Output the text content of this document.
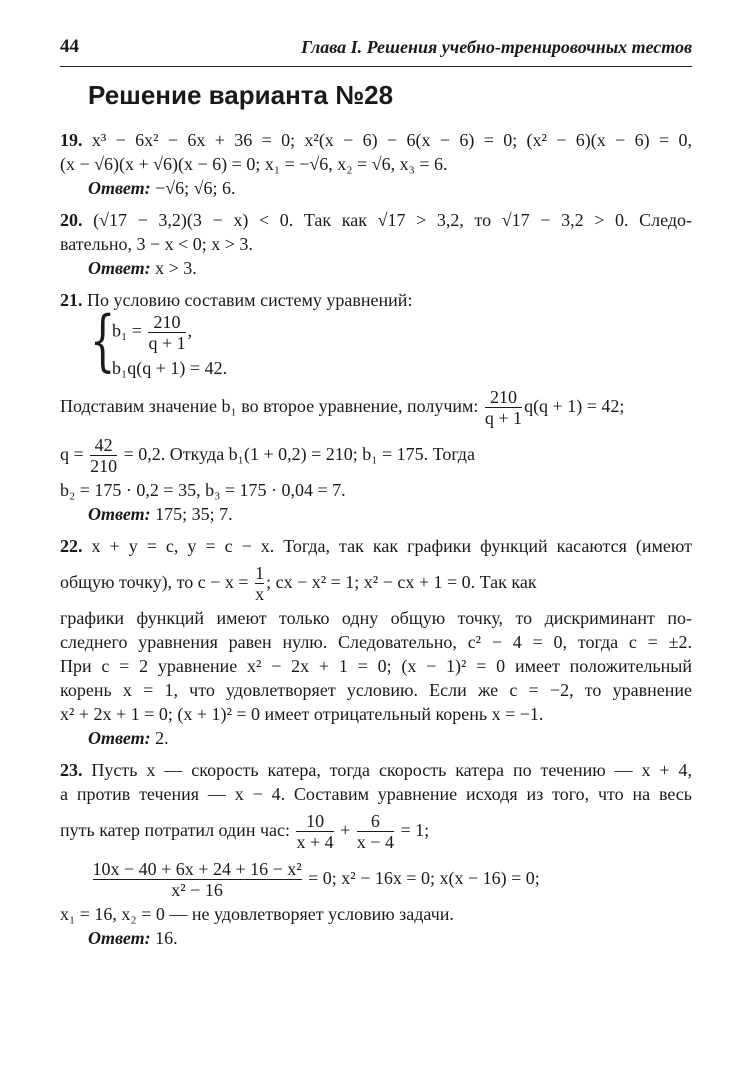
44	Глава I. Решения учебно-тренировочных тестов
Решение варианта №28
19. x³ − 6x² − 6x + 36 = 0; x²(x − 6) − 6(x − 6) = 0; (x² − 6)(x − 6) = 0,
(x − √6)(x + √6)(x − 6) = 0; x₁ = −√6, x₂ = √6, x₃ = 6.
Ответ: −√6; √6; 6.
20. (√17 − 3,2)(3 − x) < 0. Так как √17 > 3,2, то √17 − 3,2 > 0. Следо-
вательно, 3 − x < 0; x > 3.
Ответ: x > 3.
21. По условию составим систему уравнений:
{
$b_1 = \frac{210}{q + 1}$ ,
b₁q(q + 1) = 42.
Подставим значение b₁ во второе уравнение, получим: $\frac{210}{q + 1} q(q + 1) = 42$;
$q = \frac{42}{210} = 0,2$. Откуда b₁(1 + 0,2) = 210; b₁ = 175. Тогда
b₂ = 175 · 0,2 = 35, b₃ = 175 · 0,04 = 7.
Ответ: 175; 35; 7.
22. x + y = c, y = c − x. Тогда, так как графики функций касаются (имеют
общую точку), то $c - x = \frac{1}{x}$ ; cx − x² = 1; x² − cx + 1 = 0. Так как
графики функций имеют только одну общую точку, то дискриминант по-
следнего уравнения равен нулю. Следовательно, c² − 4 = 0, тогда c = ±2.
При c = 2 уравнение x² − 2x + 1 = 0; (x − 1)² = 0 имеет положительный
корень x = 1, что удовлетворяет условию. Если же c = −2, то уравнение
x² + 2x + 1 = 0; (x + 1)² = 0 имеет отрицательный корень x = −1.
Ответ: 2.
23. Пусть x — скорость катера, тогда скорость катера по течению — x + 4,
а против течения — x − 4. Составим уравнение исходя из того, что на весь
путь катер потратил один час: $\frac{10}{x + 4} + \frac{6}{x - 4} = 1$;

$\frac{\text{10x − 40 + 6x + 24 + 16 − x²}}{\text{x² − 16}} = 0$; x² − 16x = 0; x(x − 16) = 0;
x₁ = 16, x₂ = 0 — не удовлетворяет условию задачи.
Ответ: 16.
